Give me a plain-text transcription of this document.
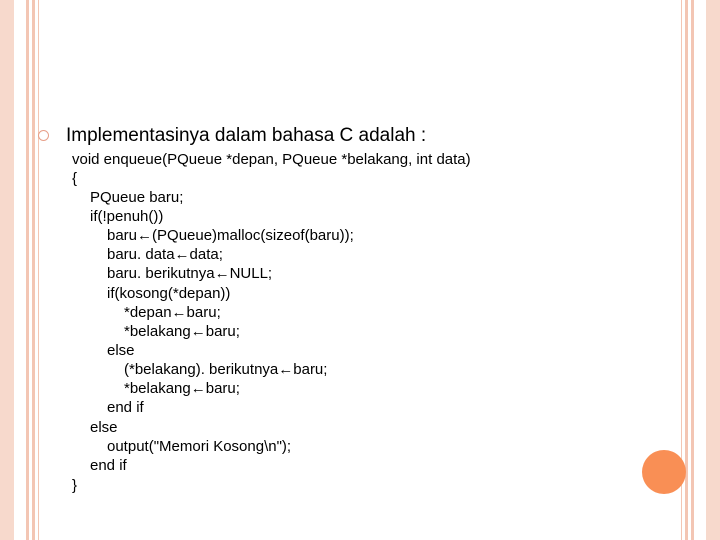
Implementasinya dalam bahasa C adalah :

void enqueue(PQueue *depan, PQueue *belakang, int data)

{

PQueue baru;

if(!penuh())

baru←(PQueue)malloc(sizeof(baru));

baru. data←data;

baru. berikutnya←NULL;

if(kosong(*depan))

*depan←baru;

*belakang←baru;

else

(*belakang). berikutnya←baru;

*belakang←baru;

end if

else

output("Memori Kosong\n");

end if

}
